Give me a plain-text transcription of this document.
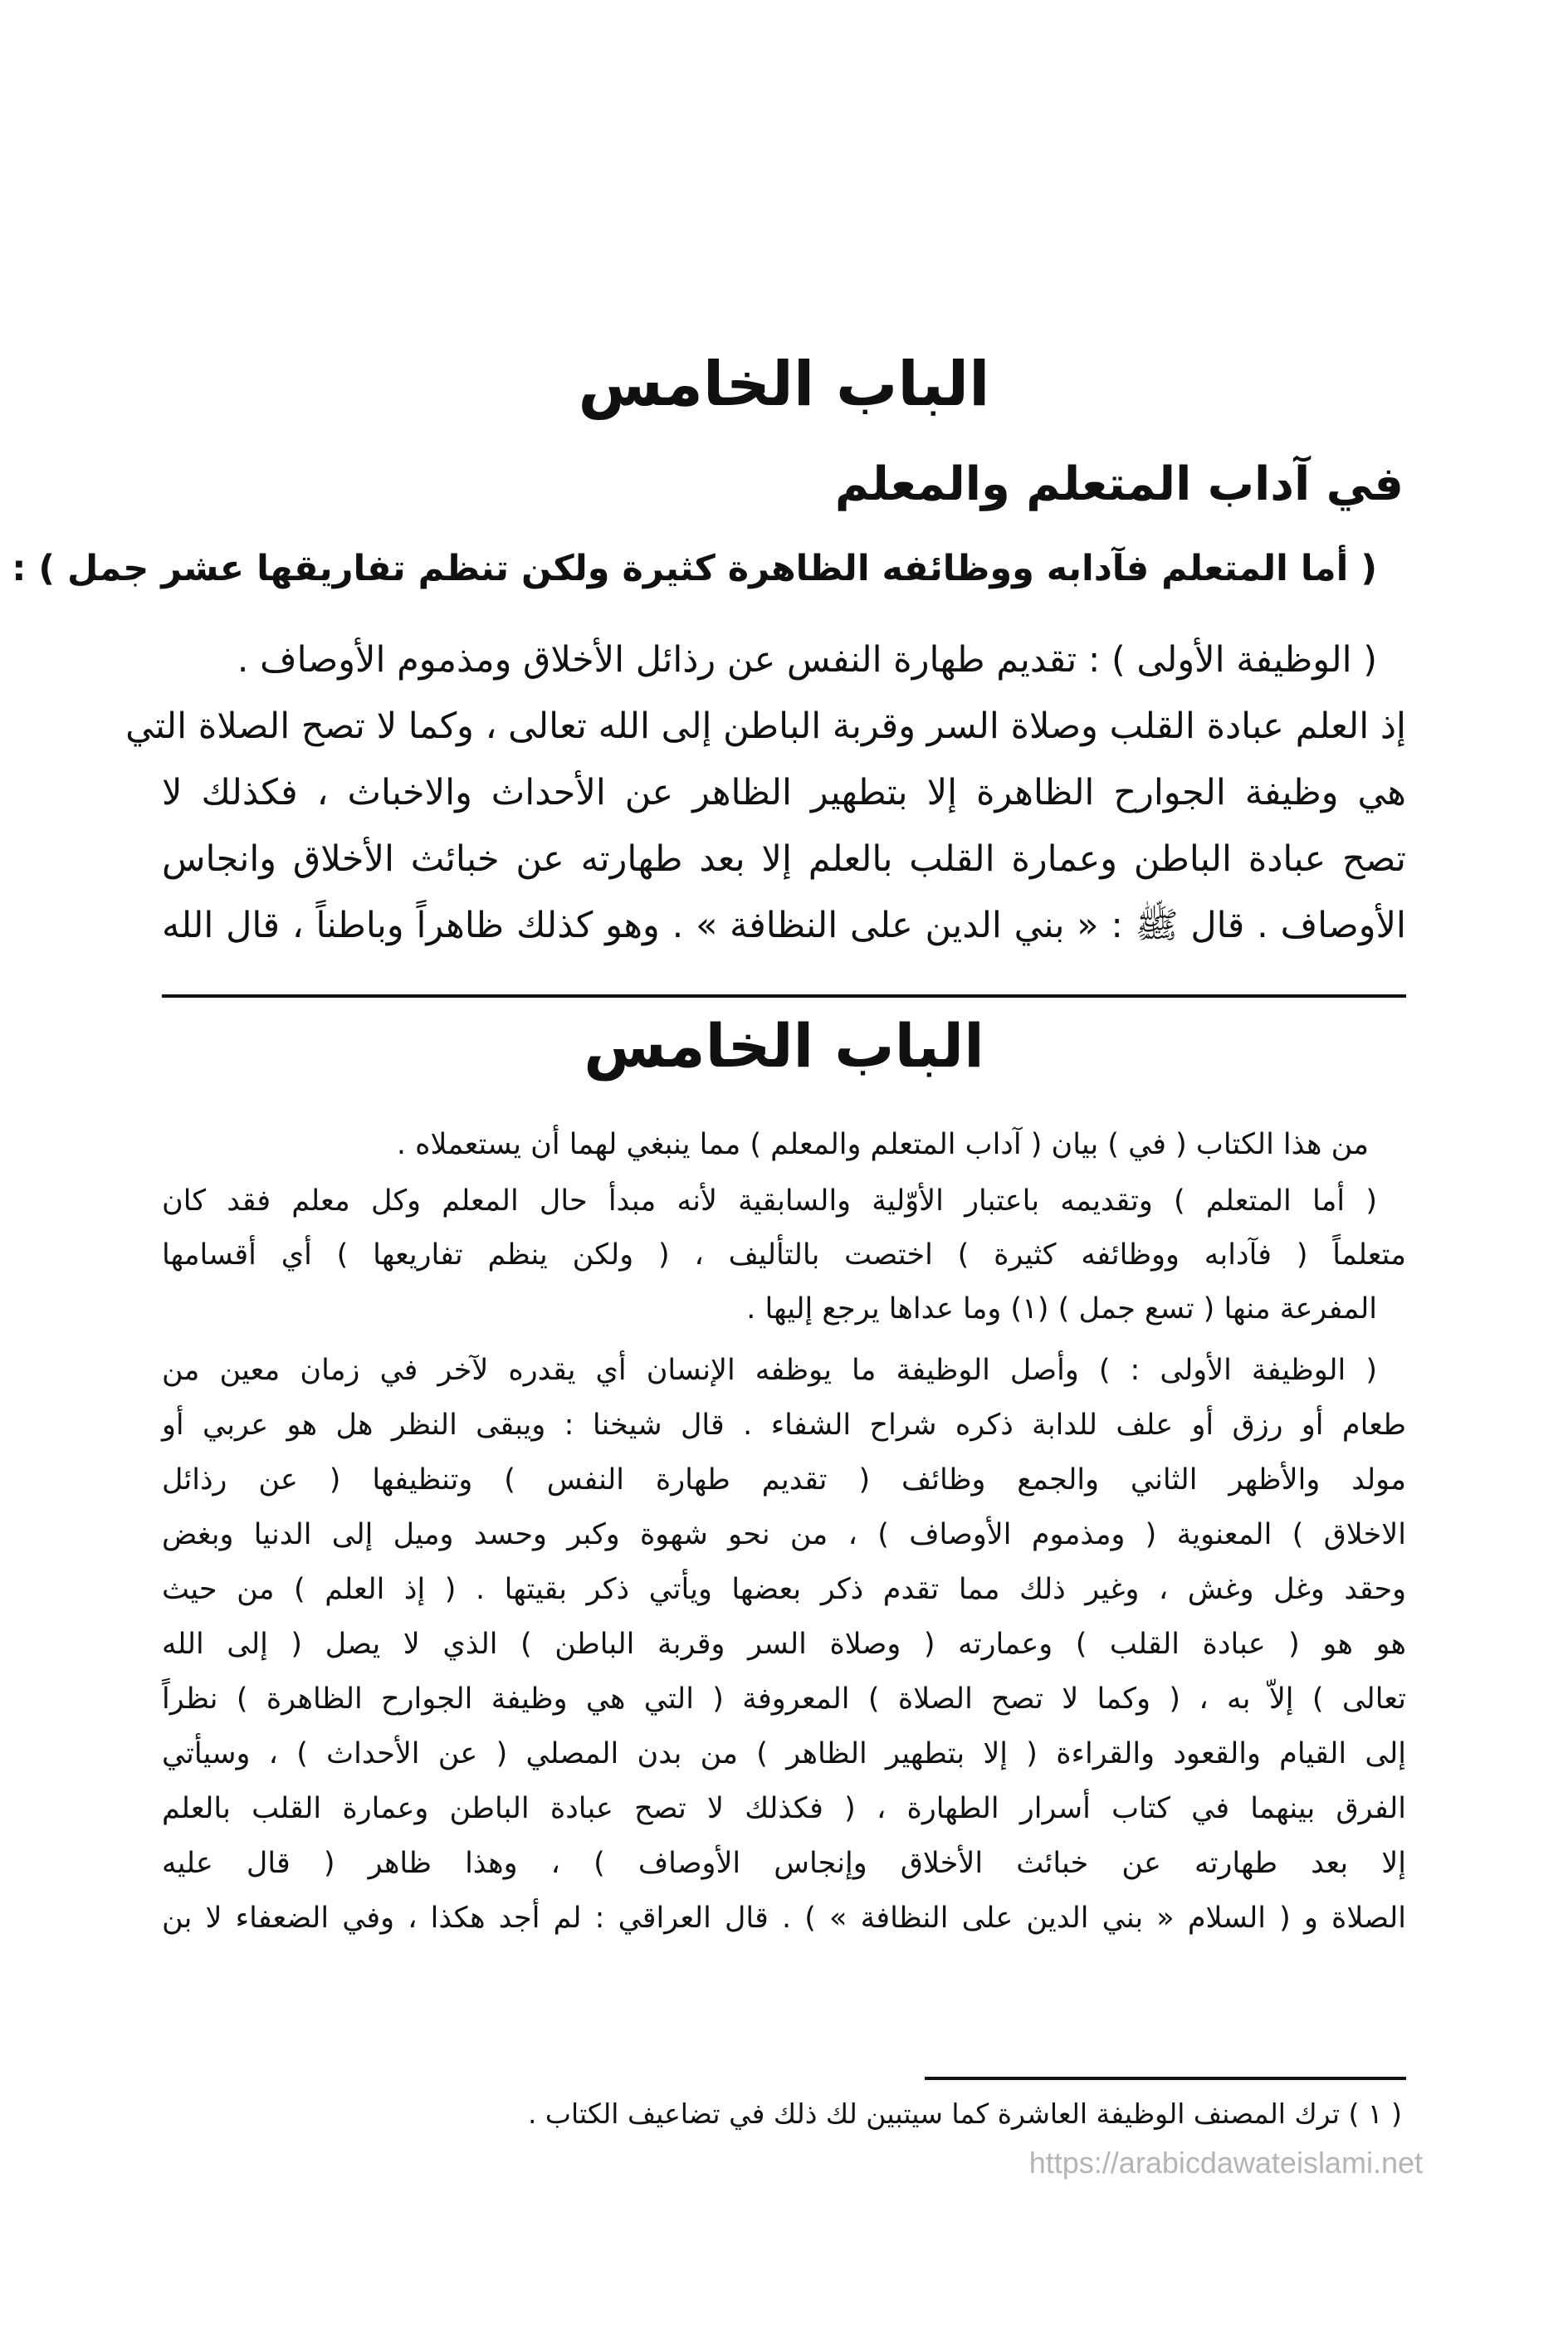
الباب الخامس
في آداب المتعلم والمعلم
( أما المتعلم فآدابه ووظائفه الظاهرة كثيرة ولكن تنظم تفاريقها عشر جمل ) :
( الوظيفة الأولى ) : تقديم طهارة النفس عن رذائل الأخلاق ومذموم الأوصاف .
إذ العلم عبادة القلب وصلاة السر وقربة الباطن إلى الله تعالى ، وكما لا تصح الصلاة التي
هي وظيفة الجوارح الظاهرة إلا بتطهير الظاهر عن الأحداث والاخباث ، فكذلك لا
تصح عبادة الباطن وعمارة القلب بالعلم إلا بعد طهارته عن خبائث الأخلاق وانجاس
الأوصاف . قال ﷺ : « بني الدين على النظافة » . وهو كذلك ظاهراً وباطناً ، قال الله
الباب الخامس
من هذا الكتاب ( في ) بيان ( آداب المتعلم والمعلم ) مما ينبغي لهما أن يستعملاه .
( أما المتعلم ) وتقديمه باعتبار الأوّلية والسابقية لأنه مبدأ حال المعلم وكل معلم فقد كان
متعلماً ( فآدابه ووظائفه كثيرة ) اختصت بالتأليف ، ( ولكن ينظم تفاريعها ) أي أقسامها
المفرعة منها ( تسع جمل ) (١) وما عداها يرجع إليها .
( الوظيفة الأولى : ) وأصل الوظيفة ما يوظفه الإنسان أي يقدره لآخر في زمان معين من
طعام أو رزق أو علف للدابة ذكره شراح الشفاء . قال شيخنا : ويبقى النظر هل هو عربي أو
مولد والأظهر الثاني والجمع وظائف ( تقديم طهارة النفس ) وتنظيفها ( عن رذائل
الاخلاق ) المعنوية ( ومذموم الأوصاف ) ، من نحو شهوة وكبر وحسد وميل إلى الدنيا وبغض
وحقد وغل وغش ، وغير ذلك مما تقدم ذكر بعضها ويأتي ذكر بقيتها . ( إذ العلم ) من حيث
هو هو ( عبادة القلب ) وعمارته ( وصلاة السر وقربة الباطن ) الذي لا يصل ( إلى الله
تعالى ) إلاّ به ، ( وكما لا تصح الصلاة ) المعروفة ( التي هي وظيفة الجوارح الظاهرة ) نظراً
إلى القيام والقعود والقراءة ( إلا بتطهير الظاهر ) من بدن المصلي ( عن الأحداث ) ، وسيأتي
الفرق بينهما في كتاب أسرار الطهارة ، ( فكذلك لا تصح عبادة الباطن وعمارة القلب بالعلم
إلا بعد طهارته عن خبائث الأخلاق وإنجاس الأوصاف ) ، وهذا ظاهر ( قال عليه
الصلاة و ( السلام « بني الدين على النظافة » ) . قال العراقي : لم أجد هكذا ، وفي الضعفاء لا بن
( ١ ) ترك المصنف الوظيفة العاشرة كما سيتبين لك ذلك في تضاعيف الكتاب .
https://arabicdawateislami.net
